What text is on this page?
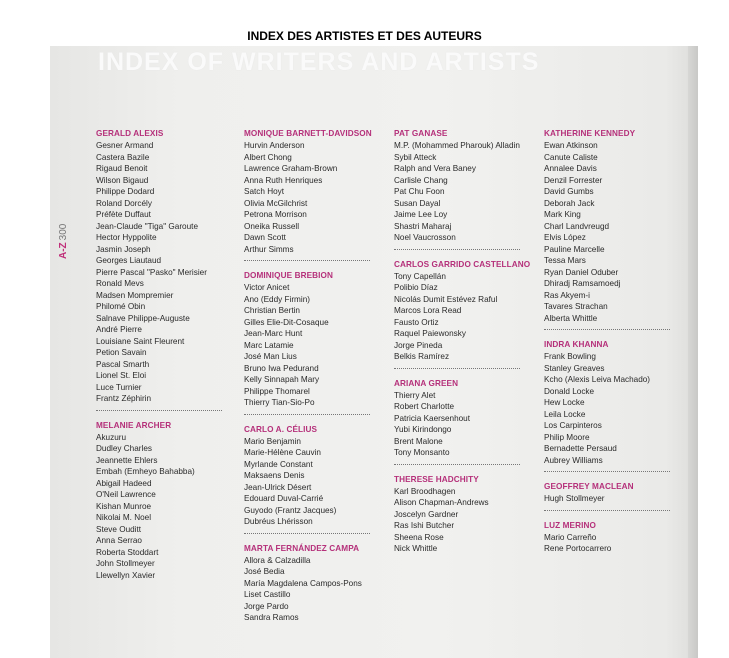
INDEX DES ARTISTES ET DES AUTEURS
INDEX OF WRITERS AND ARTISTS
A-Z300
GERALD ALEXIS
Gesner Armand
Castera Bazile
Rigaud Benoit
Wilson Bigaud
Philippe Dodard
Roland Dorcély
Préfète Duffaut
Jean-Claude "Tiga" Garoute
Hector Hyppolite
Jasmin Joseph
Georges Liautaud
Pierre Pascal "Pasko" Merisier
Ronald Mevs
Madsen Mompremier
Philomé Obin
Salnave Philippe-Auguste
André Pierre
Louisiane Saint Fleurent
Petion Savain
Pascal Smarth
Lionel St. Eloi
Luce Turnier
Frantz Zéphirin
MELANIE ARCHER
Akuzuru
Dudley Charles
Jeannette Ehlers
Embah (Emheyo Bahabba)
Abigail Hadeed
O'Neil Lawrence
Kishan Munroe
Nikolai M. Noel
Steve Ouditt
Anna Serrao
Roberta Stoddart
John Stollmeyer
Llewellyn Xavier
MONIQUE BARNETT-DAVIDSON
Hurvin Anderson
Albert Chong
Lawrence Graham-Brown
Anna Ruth Henriques
Satch Hoyt
Olivia McGilchrist
Petrona Morrison
Oneika Russell
Dawn Scott
Arthur Simms
DOMINIQUE BREBION
Victor Anicet
Ano (Eddy Firmin)
Christian Bertin
Gilles Elie-Dit-Cosaque
Jean-Marc Hunt
Marc Latamie
José Man Lius
Bruno Iwa Pedurand
Kelly Sinnapah Mary
Philippe Thomarel
Thierry Tian-Sio-Po
CARLO A. CÉLIUS
Mario Benjamin
Marie-Hélène Cauvin
Myrlande Constant
Maksaens Denis
Jean-Ulrick Désert
Edouard Duval-Carrié
Guyodo (Frantz Jacques)
Dubréus Lhérisson
MARTA FERNÁNDEZ CAMPA
Allora & Calzadilla
José Bedia
María Magdalena Campos-Pons
Liset Castillo
Jorge Pardo
Sandra Ramos
PAT GANASE
M.P. (Mohammed Pharouk) Alladin
Sybil Atteck
Ralph and Vera Baney
Carlisle Chang
Pat Chu Foon
Susan Dayal
Jaime Lee Loy
Shastri Maharaj
Noel Vaucrosson
CARLOS GARRIDO CASTELLANO
Tony Capellán
Polibio Díaz
Nicolás Dumit Estévez Raful
Marcos Lora Read
Fausto Ortiz
Raquel Paiewonsky
Jorge Pineda
Belkis Ramírez
ARIANA GREEN
Thierry Alet
Robert Charlotte
Patricia Kaersenhout
Yubi Kirindongo
Brent Malone
Tony Monsanto
THERESE HADCHITY
Karl Broodhagen
Alison Chapman-Andrews
Joscelyn Gardner
Ras Ishi Butcher
Sheena Rose
Nick Whittle
KATHERINE KENNEDY
Ewan Atkinson
Canute Caliste
Annalee Davis
Denzil Forrester
David Gumbs
Deborah Jack
Mark King
Charl Landvreugd
Elvis López
Pauline Marcelle
Tessa Mars
Ryan Daniel Oduber
Dhiradj Ramsamoedj
Ras Akyem-i
Tavares Strachan
Alberta Whittle
INDRA KHANNA
Frank Bowling
Stanley Greaves
Kcho (Alexis Leiva Machado)
Donald Locke
Hew Locke
Leila Locke
Los Carpinteros
Philip Moore
Bernadette Persaud
Aubrey Williams
GEOFFREY MACLEAN
Hugh Stollmeyer
LUZ MERINO
Mario Carreño
Rene Portocarrero
